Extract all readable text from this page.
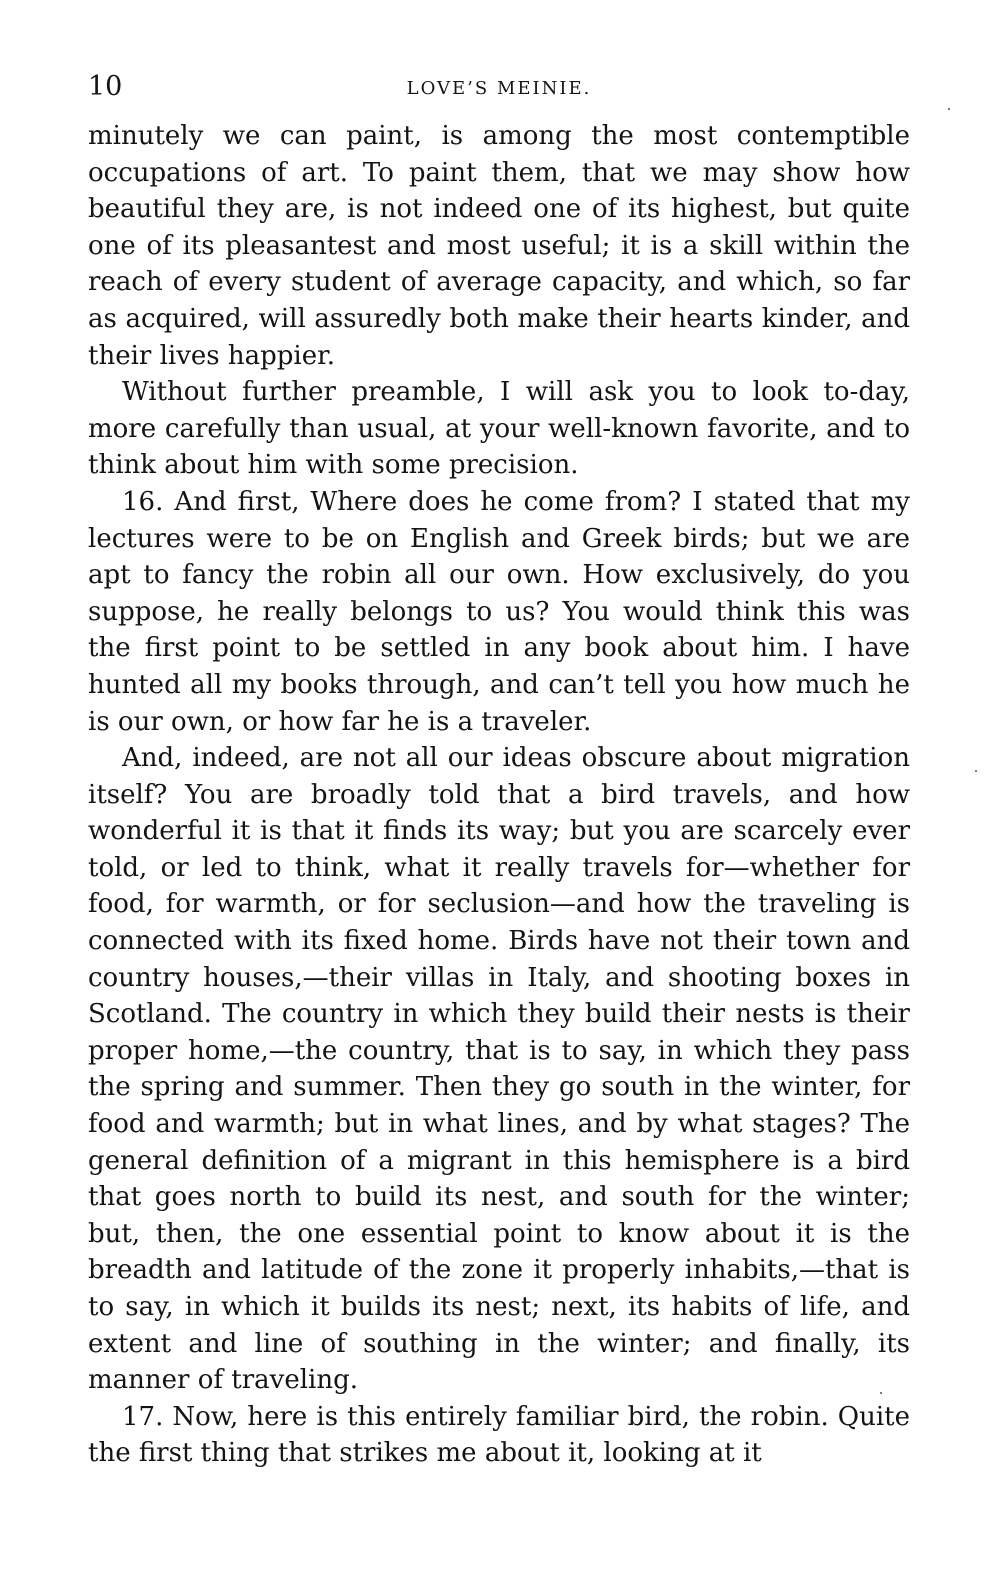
10	LOVE’S MEINIE.

minutely we can paint, is among the most contemptible occupations of art. To paint them, that we may show how beautiful they are, is not indeed one of its highest, but quite one of its pleasantest and most useful; it is a skill within the reach of every student of average capacity, and which, so far as acquired, will assuredly both make their hearts kinder, and their lives happier.

Without further preamble, I will ask you to look to-day, more carefully than usual, at your well-known favorite, and to think about him with some precision.

16. And first, Where does he come from? I stated that my lectures were to be on English and Greek birds; but we are apt to fancy the robin all our own. How exclusively, do you suppose, he really belongs to us? You would think this was the first point to be settled in any book about him. I have hunted all my books through, and can’t tell you how much he is our own, or how far he is a traveler.

And, indeed, are not all our ideas obscure about migration itself? You are broadly told that a bird travels, and how wonderful it is that it finds its way; but you are scarcely ever told, or led to think, what it really travels for—whether for food, for warmth, or for seclusion—and how the traveling is connected with its fixed home. Birds have not their town and country houses,—their villas in Italy, and shooting boxes in Scotland. The country in which they build their nests is their proper home,—the country, that is to say, in which they pass the spring and summer. Then they go south in the winter, for food and warmth; but in what lines, and by what stages? The general definition of a migrant in this hemisphere is a bird that goes north to build its nest, and south for the winter; but, then, the one essential point to know about it is the breadth and latitude of the zone it properly inhabits,—that is to say, in which it builds its nest; next, its habits of life, and extent and line of southing in the winter; and finally, its manner of traveling.

17. Now, here is this entirely familiar bird, the robin. Quite the first thing that strikes me about it, looking at it
